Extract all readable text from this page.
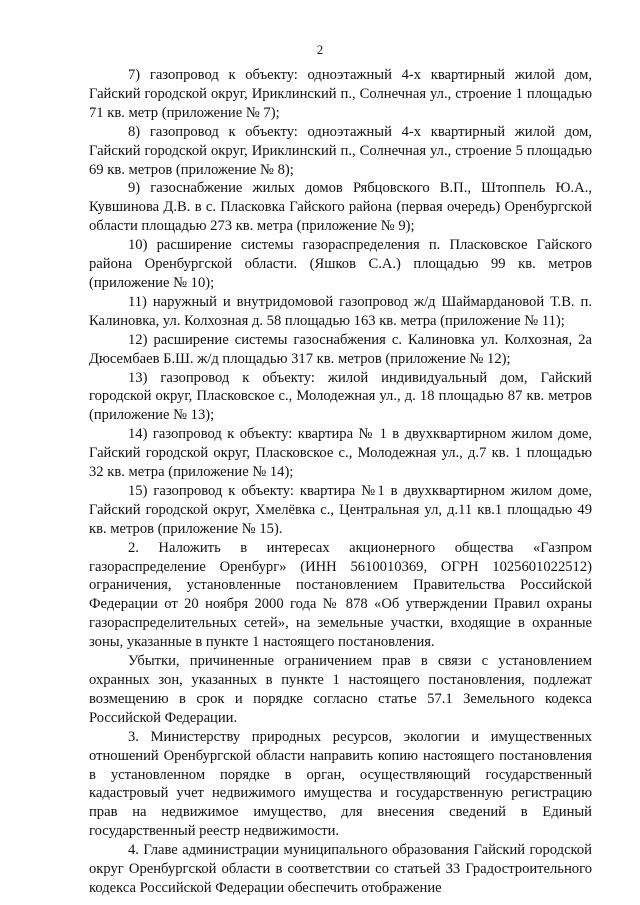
2

7) газопровод к объекту: одноэтажный 4-х квартирный жилой дом, Гайский городской округ, Ириклинский п., Солнечная ул., строение 1 площадью 71 кв. метр (приложение № 7);

8) газопровод к объекту: одноэтажный 4-х квартирный жилой дом, Гайский городской округ, Ириклинский п., Солнечная ул., строение 5 площадью 69 кв. метров (приложение № 8);

9) газоснабжение жилых домов Рябцовского В.П., Штоппель Ю.А., Кувшинова Д.В. в с. Пласковка Гайского района (первая очередь) Оренбургской области площадью 273 кв. метра (приложение № 9);

10) расширение системы газораспределения п. Пласковское Гайского района Оренбургской области. (Яшков С.А.) площадью 99 кв. метров (приложение № 10);

11) наружный и внутридомовой газопровод ж/д Шаймардановой Т.В. п. Калиновка, ул. Колхозная д. 58 площадью 163 кв. метра (приложение № 11);

12) расширение системы газоснабжения с. Калиновка ул. Колхозная, 2а Дюсембаев Б.Ш. ж/д площадью 317 кв. метров (приложение № 12);

13) газопровод к объекту: жилой индивидуальный дом, Гайский городской округ, Пласковское с., Молодежная ул., д. 18 площадью 87 кв. метров (приложение № 13);

14) газопровод к объекту: квартира № 1 в двухквартирном жилом доме, Гайский городской округ, Пласковское с., Молодежная ул., д.7 кв. 1 площадью 32 кв. метра (приложение № 14);

15) газопровод к объекту: квартира №1 в двухквартирном жилом доме, Гайский городской округ, Хмелёвка с., Центральная ул, д.11 кв.1 площадью 49 кв. метров (приложение № 15).

2. Наложить в интересах акционерного общества «Газпром газораспределение Оренбург» (ИНН 5610010369, ОГРН 1025601022512) ограничения, установленные постановлением Правительства Российской Федерации от 20 ноября 2000 года № 878 «Об утверждении Правил охраны газораспределительных сетей», на земельные участки, входящие в охранные зоны, указанные в пункте 1 настоящего постановления.

Убытки, причиненные ограничением прав в связи с установлением охранных зон, указанных в пункте 1 настоящего постановления, подлежат возмещению в срок и порядке согласно статье 57.1 Земельного кодекса Российской Федерации.

3. Министерству природных ресурсов, экологии и имущественных отношений Оренбургской области направить копию настоящего постановления в установленном порядке в орган, осуществляющий государственный кадастровый учет недвижимого имущества и государственную регистрацию прав на недвижимое имущество, для внесения сведений в Единый государственный реестр недвижимости.

4. Главе администрации муниципального образования Гайский городской округ Оренбургской области в соответствии со статьей 33 Градостроительного кодекса Российской Федерации обеспечить отображение
